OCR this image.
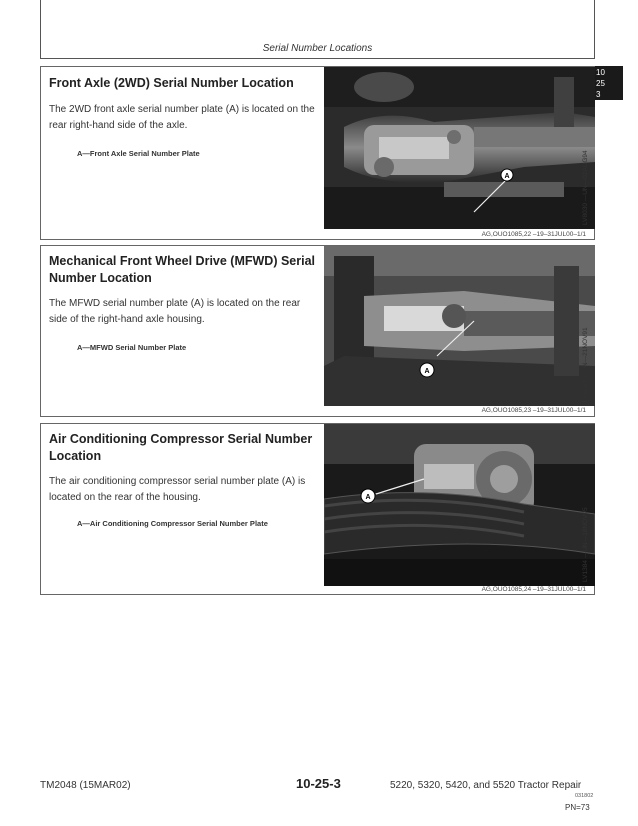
Serial Number Locations
10
25
3
Front Axle (2WD) Serial Number Location

The 2WD front axle serial number plate (A) is located on the rear right-hand side of the axle.

A—Front Axle Serial Number Plate
A	LV8030 —UN—02AUG94
AG,OUO1085,22 –19–31JUL00–1/1
Mechanical Front Wheel Drive (MFWD) Serial Number Location

The MFWD serial number plate (A) is located on the rear side of the right-hand axle housing.

A—MFWD Serial Number Plate
A	LV8069 —UN—21NOV91
AG,OUO1085,23 –19–31JUL00–1/1
Air Conditioning Compressor Serial Number Location

The air conditioning compressor serial number plate (A) is located on the rear of the housing.

A—Air Conditioning Compressor Serial Number Plate
A
LV1384 —UN—18NOV95
AG,OUO1085,24 –19–31JUL00–1/1
TM2048 (15MAR02)	10-25-3	5220, 5320, 5420, and 5520 Tractor Repair
031802
PN=73
